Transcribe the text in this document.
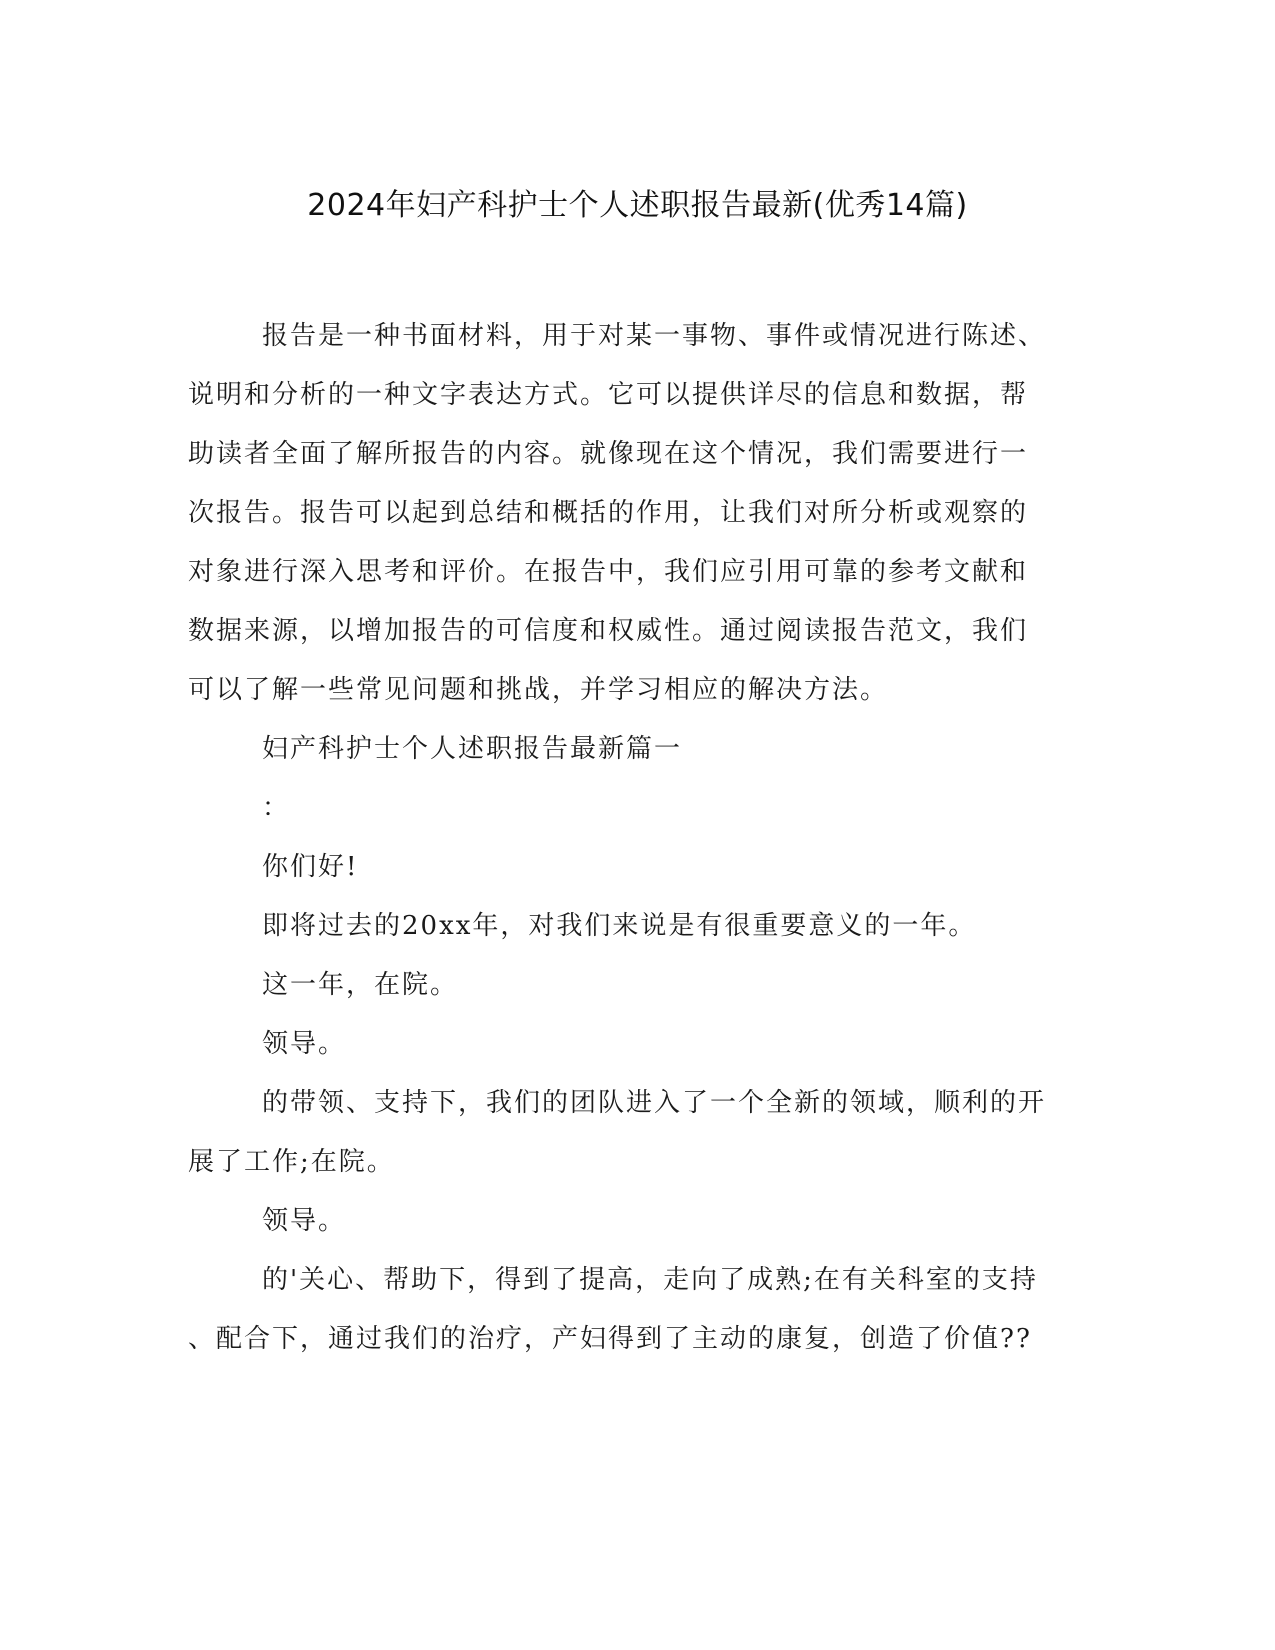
2024年妇产科护士个人述职报告最新(优秀14篇)
报告是一种书面材料，用于对某一事物、事件或情况进行陈述、
说明和分析的一种文字表达方式。它可以提供详尽的信息和数据，帮
助读者全面了解所报告的内容。就像现在这个情况，我们需要进行一
次报告。报告可以起到总结和概括的作用，让我们对所分析或观察的
对象进行深入思考和评价。在报告中，我们应引用可靠的参考文献和
数据来源，以增加报告的可信度和权威性。通过阅读报告范文，我们
可以了解一些常见问题和挑战，并学习相应的解决方法。
妇产科护士个人述职报告最新篇一
：
你们好!
即将过去的20xx年，对我们来说是有很重要意义的一年。
这一年，在院。
领导。
的带领、支持下，我们的团队进入了一个全新的领域，顺利的开
展了工作;在院。
领导。
的'关心、帮助下，得到了提高，走向了成熟;在有关科室的支持
、配合下，通过我们的治疗，产妇得到了主动的康复，创造了价值??
